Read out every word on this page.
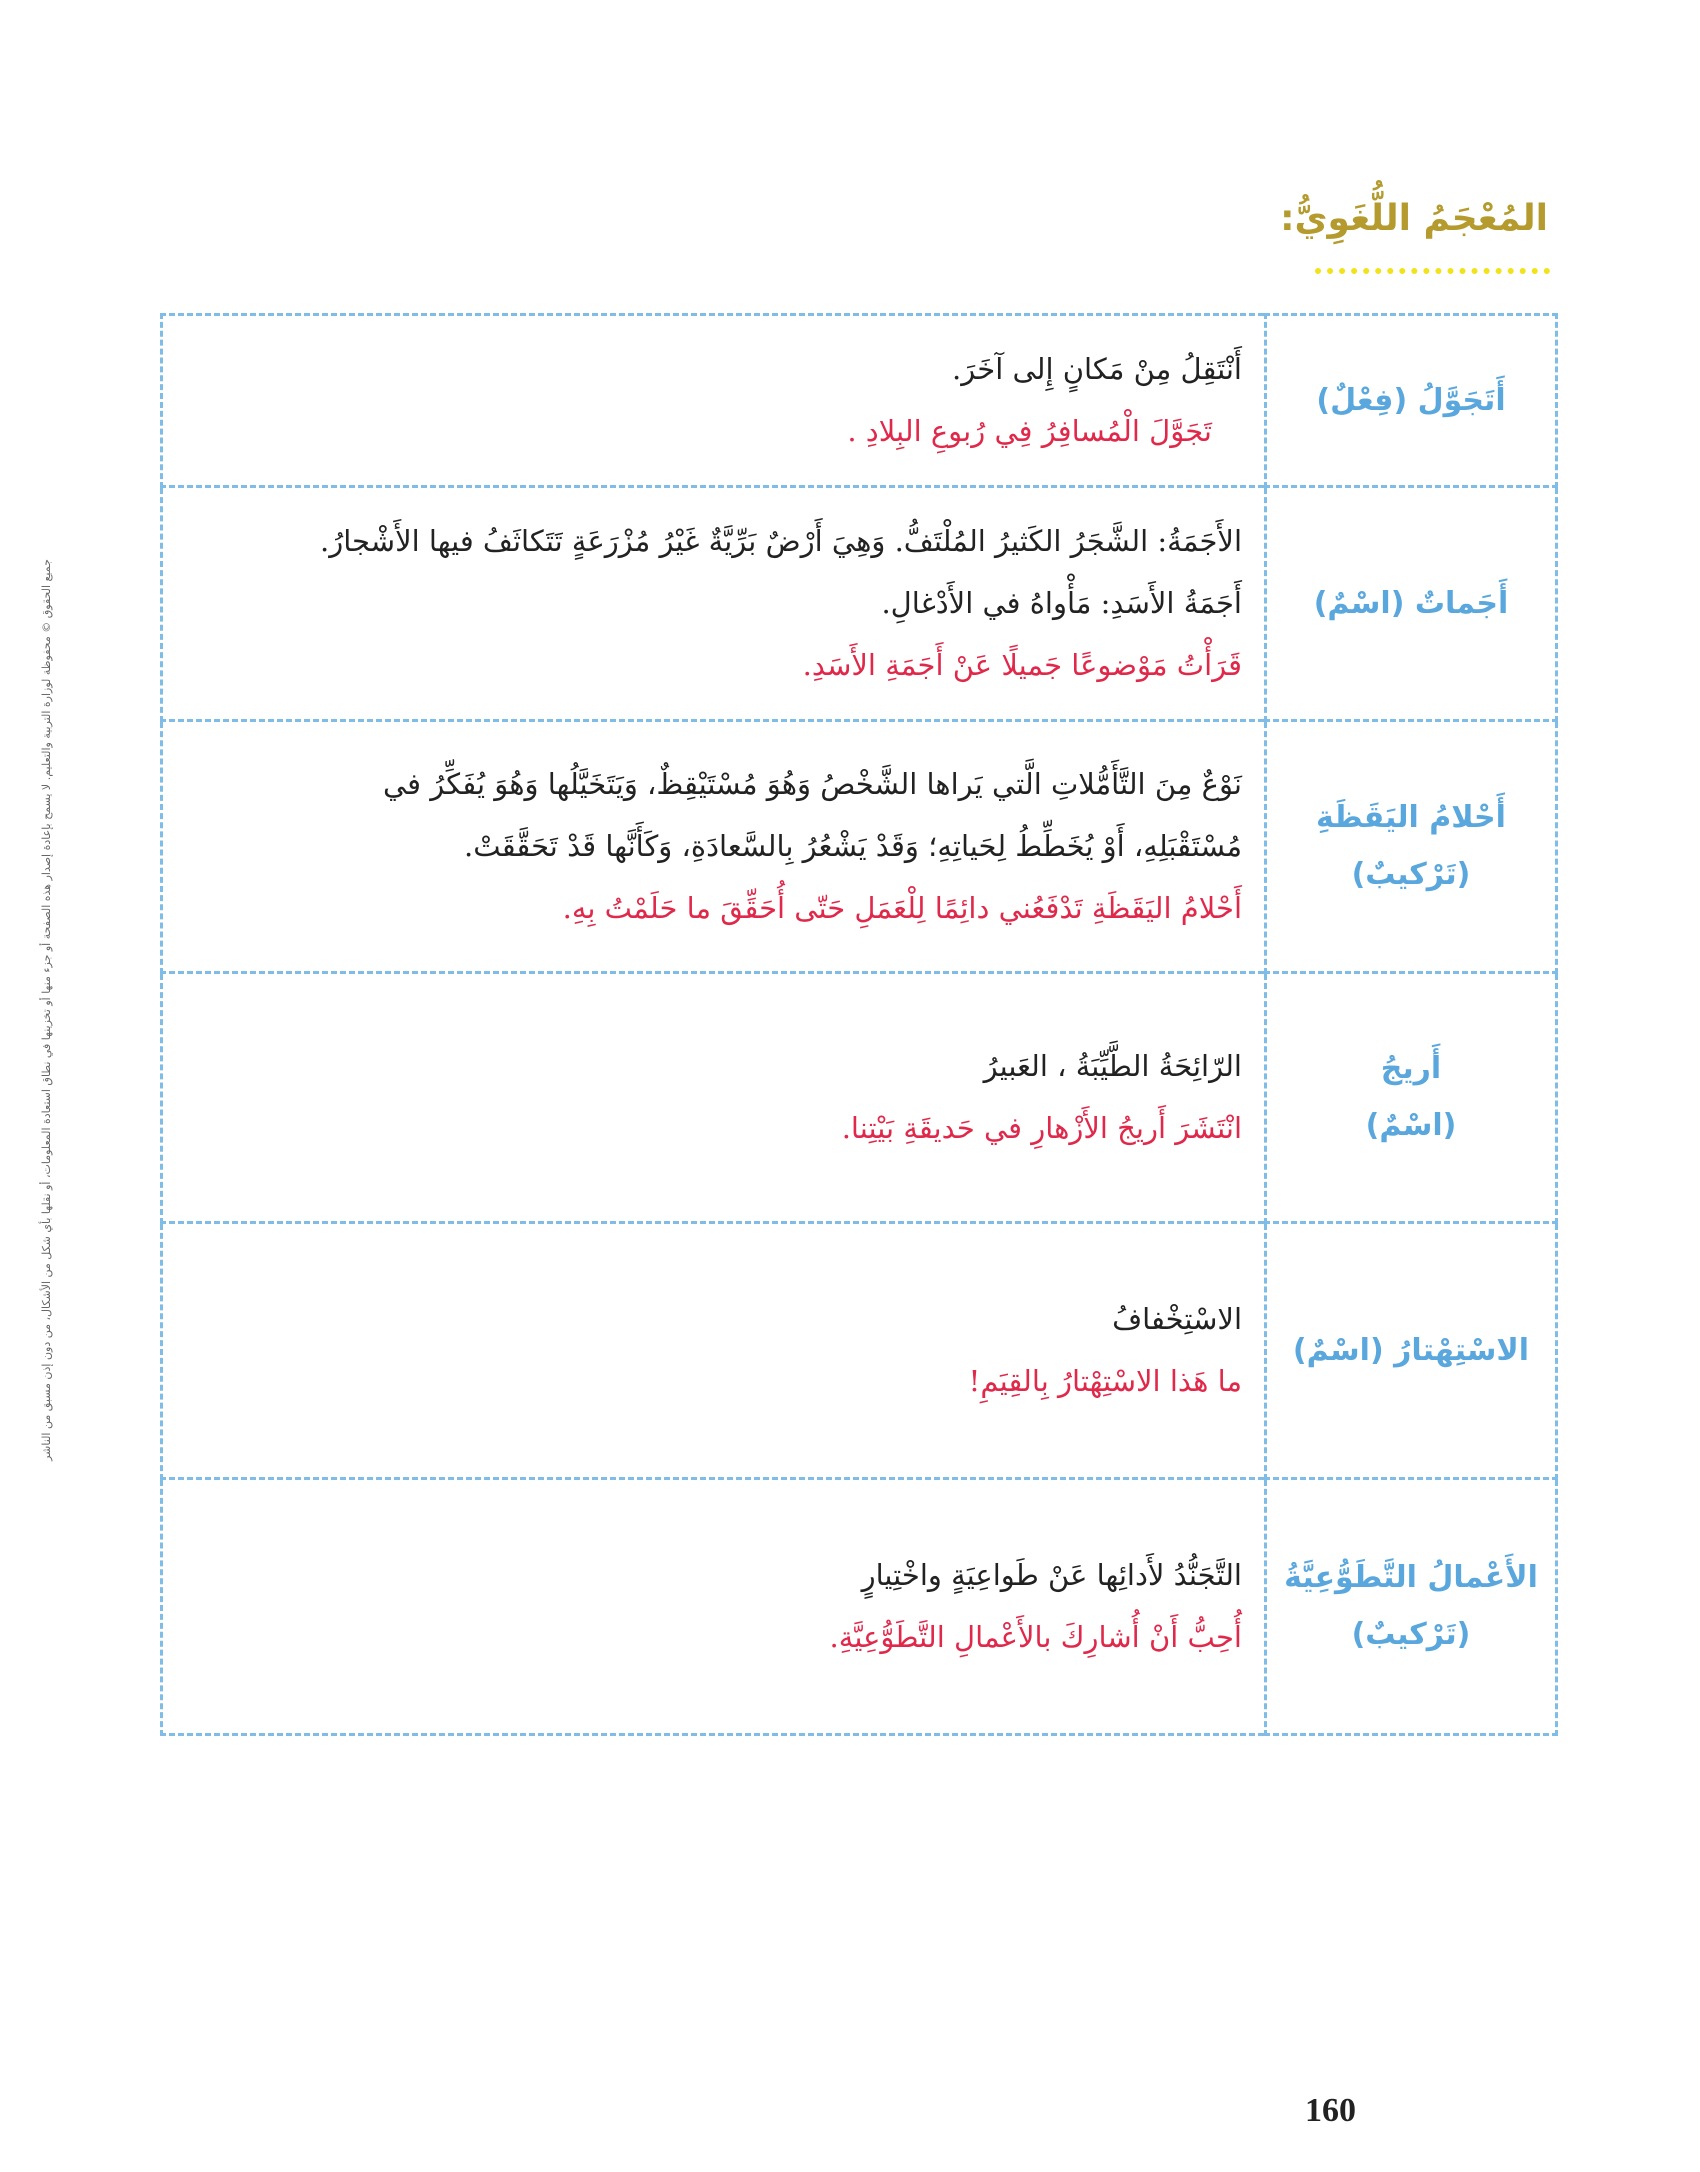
المُعْجَمُ اللُّغَوِيُّ:
جميع الحقوق © محفوظة لوزارة التربية والتعليم. لا يسمح بإعادة إصدار هذه الصفحة أو جزء منها أو تخزينها في نطاق استعادة المعلومات، أو نقلها بأي شكل من الأشكال، من دون إذن مسبق من الناشر
أَتَجَوَّلُ (فِعْلٌ)	أَنْتَقِلُ مِنْ مَكانٍ إِلى آخَرَ.
تَجَوَّلَ الْمُسافِرُ فِي رُبوعِ البِلادِ .

أَجَماتٌ (اسْمٌ)	الأَجَمَةُ: الشَّجَرُ الكَثيرُ المُلْتَفُّ. وَهِيَ أَرْضٌ بَرِّيَّةٌ غَيْرُ مُزْرَعَةٍ تَتَكاثَفُ فيها الأَشْجارُ.
أَجَمَةُ الأَسَدِ: مَأْواهُ في الأَدْغالِ.
قَرَأْتُ مَوْضوعًا جَميلًا عَنْ أَجَمَةِ الأَسَدِ.

أَحْلامُ اليَقَظَةِ
(تَرْكيبٌ)	نَوْعٌ مِنَ التَّأَمُّلاتِ الَّتي يَراها الشَّخْصُ وَهُوَ مُسْتَيْقِظٌ، وَيَتَخَيَّلُها وَهُوَ يُفَكِّرُ في
مُسْتَقْبَلِهِ، أَوْ يُخَطِّطُ لِحَياتِهِ؛ وَقَدْ يَشْعُرُ بِالسَّعادَةِ، وَكَأَنَّها قَدْ تَحَقَّقَتْ.
أَحْلامُ اليَقَظَةِ تَدْفَعُني دائِمًا لِلْعَمَلِ حَتّى أُحَقِّقَ ما حَلَمْتُ بِهِ.

أَريجُ
(اسْمٌ)	الرّائِحَةُ الطَّيِّبَةُ ، العَبيرُ
انْتَشَرَ أَريجُ الأَزْهارِ في حَديقَةِ بَيْتِنا.

الاسْتِهْتارُ (اسْمٌ)	الاسْتِخْفافُ
ما هَذا الاسْتِهْتارُ بِالقِيَمِ!

الأَعْمالُ التَّطَوُّعِيَّةُ
(تَرْكيبٌ)	التَّجَنُّدُ لأَدائِها عَنْ طَواعِيَةٍ واخْتِيارٍ
أُحِبُّ أَنْ أُشارِكَ بالأَعْمالِ التَّطَوُّعِيَّةِ.
160
